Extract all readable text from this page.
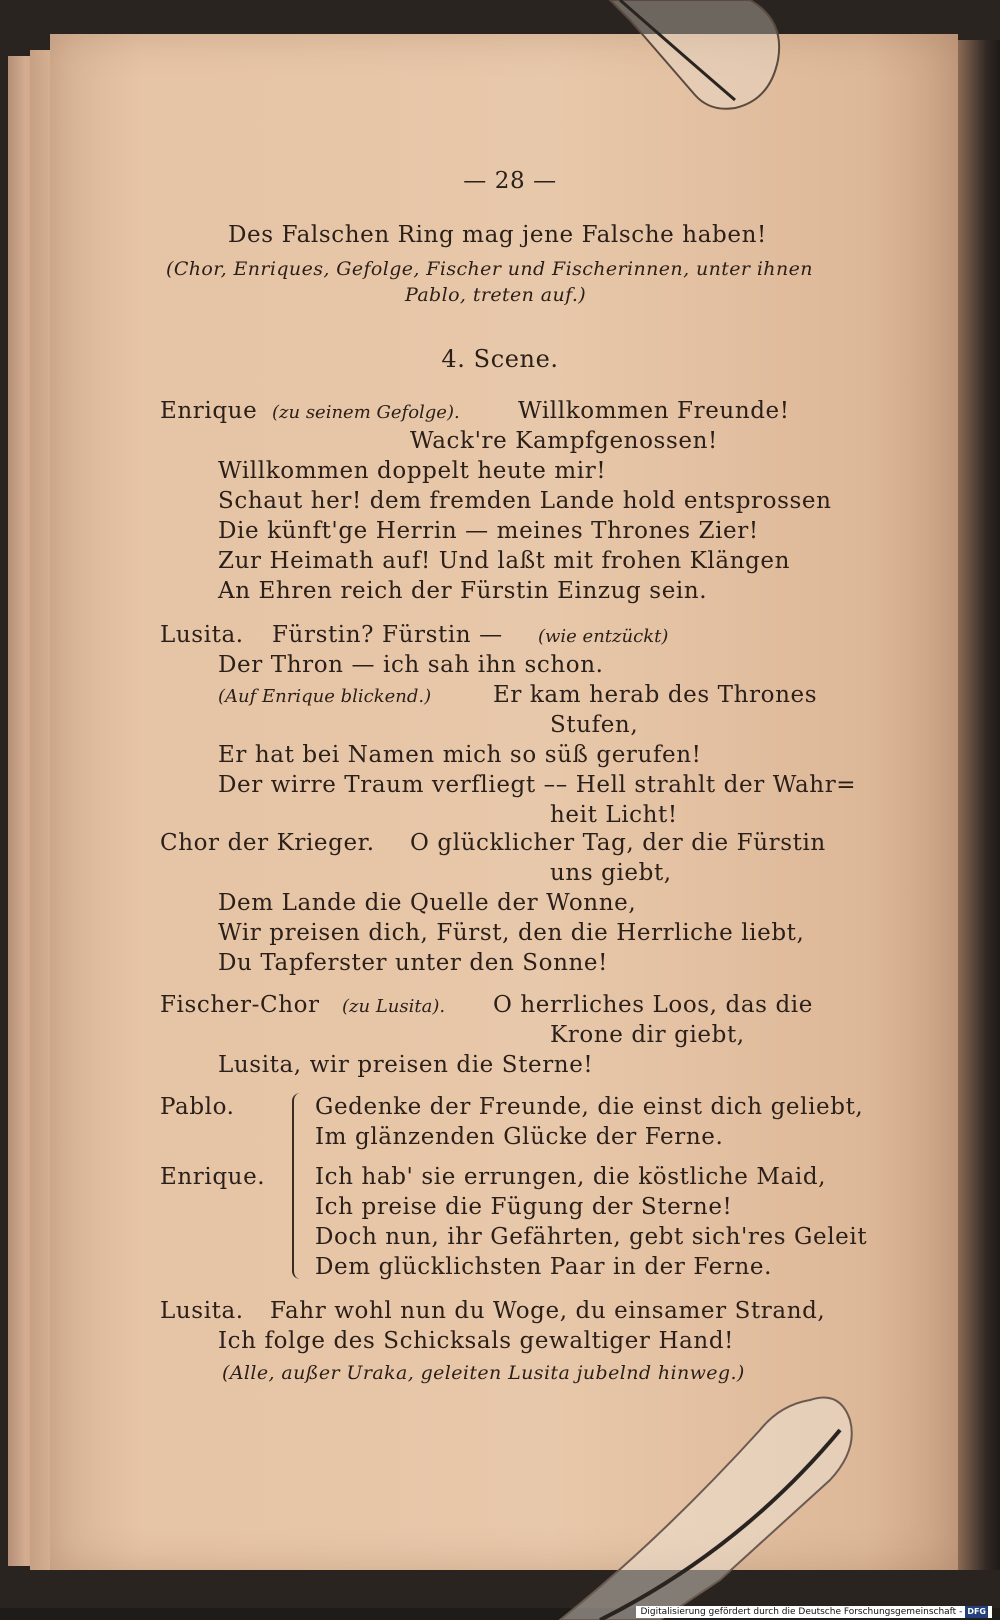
— 28 —
Des Falschen Ring mag jene Falsche haben!
(Chor, Enriques, Gefolge, Fischer und Fischerinnen, unter ihnen
Pablo, treten auf.)
4. Scene.
Enrique (zu seinem Gefolge).	Willkommen Freunde!
Wack're Kampfgenossen!
Willkommen doppelt heute mir!
Schaut her! dem fremden Lande hold entsprossen
Die künft'ge Herrin — meines Thrones Zier!
Zur Heimath auf! Und laßt mit frohen Klängen
An Ehren reich der Fürstin Einzug sein.
Lusita. Fürstin? Fürstin — (wie entzückt)
Der Thron — ich sah ihn schon.
(Auf Enrique blickend.)	Er kam herab des Thrones
Stufen,
Er hat bei Namen mich so süß gerufen!
Der wirre Traum verfliegt –– Hell strahlt der Wahr=
heit Licht!
Chor der Krieger. O glücklicher Tag, der die Fürstin
uns giebt,
Dem Lande die Quelle der Wonne,
Wir preisen dich, Fürst, den die Herrliche liebt,
Du Tapferster unter den Sonne!
Fischer-Chor (zu Lusita). O herrliches Loos, das die
Krone dir giebt,
Lusita, wir preisen die Sterne!
Pablo.	Gedenke der Freunde, die einst dich geliebt,
Im glänzenden Glücke der Ferne.
Enrique. Ich hab' sie errungen, die köstliche Maid,
Ich preise die Fügung der Sterne!
Doch nun, ihr Gefährten, gebt sich'res Geleit
Dem glücklichsten Paar in der Ferne.
Lusita. Fahr wohl nun du Woge, du einsamer Strand,
Ich folge des Schicksals gewaltiger Hand!
(Alle, außer Uraka, geleiten Lusita jubelnd hinweg.)
Digitalisierung gefördert durch die Deutsche Forschungsgemeinschaft - DFG
